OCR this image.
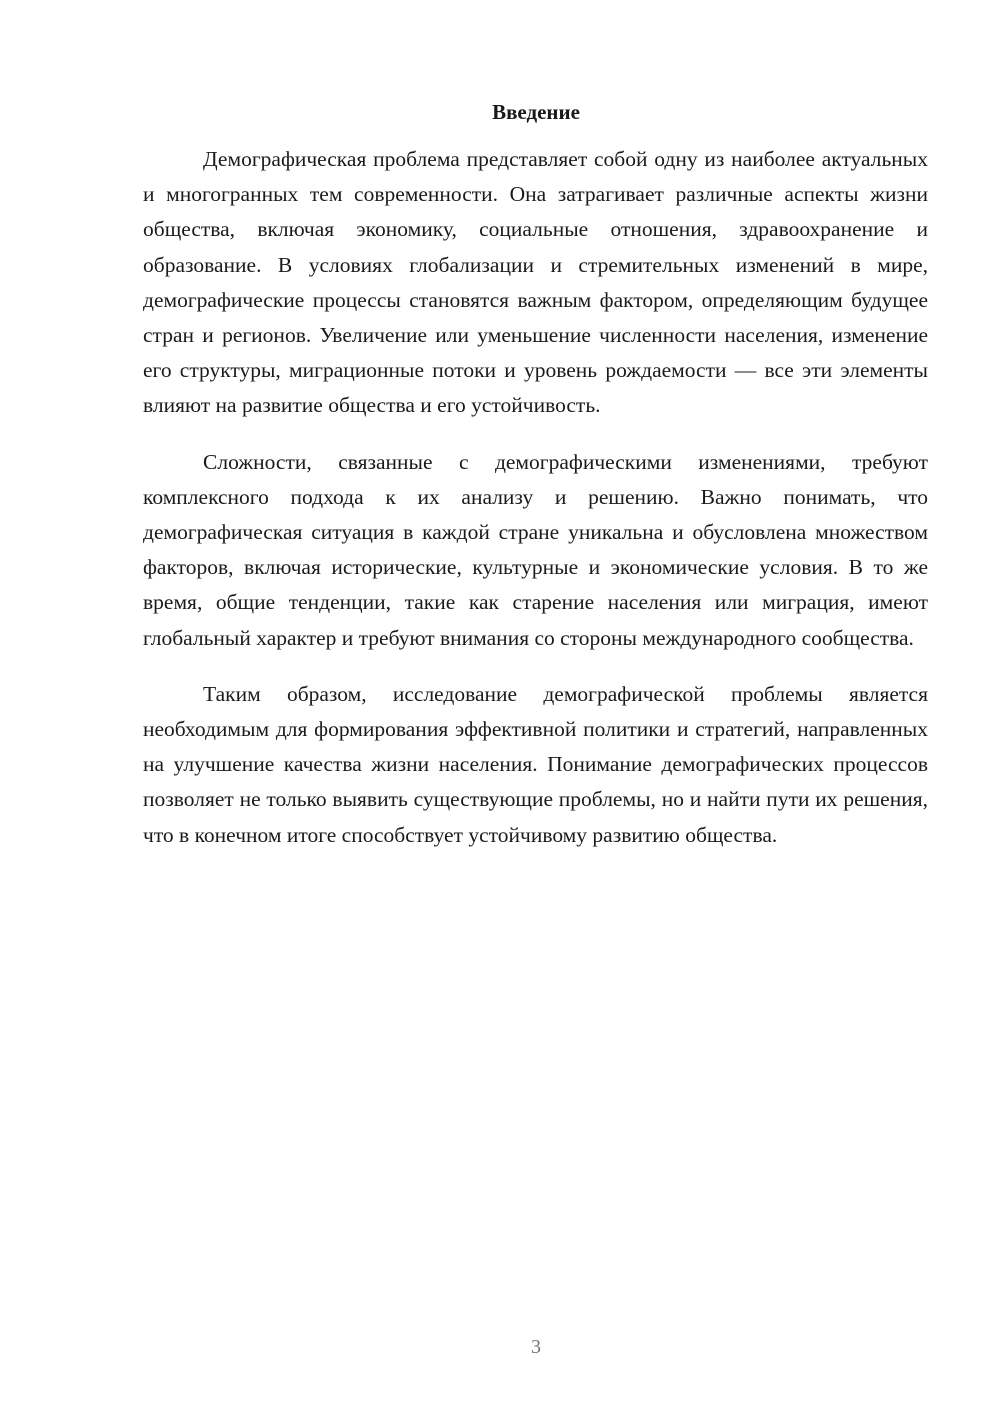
Введение

Демографическая проблема представляет собой одну из наиболее актуальных и многогранных тем современности. Она затрагивает различные аспекты жизни общества, включая экономику, социальные отношения, здравоохранение и образование. В условиях глобализации и стремительных изменений в мире, демографические процессы становятся важным фактором, определяющим будущее стран и регионов. Увеличение или уменьшение численности населения, изменение его структуры, миграционные потоки и уровень рождаемости — все эти элементы влияют на развитие общества и его устойчивость.

Сложности, связанные с демографическими изменениями, требуют комплексного подхода к их анализу и решению. Важно понимать, что демографическая ситуация в каждой стране уникальна и обусловлена множеством факторов, включая исторические, культурные и экономические условия. В то же время, общие тенденции, такие как старение населения или миграция, имеют глобальный характер и требуют внимания со стороны международного сообщества.

Таким образом, исследование демографической проблемы является необходимым для формирования эффективной политики и стратегий, направленных на улучшение качества жизни населения. Понимание демографических процессов позволяет не только выявить существующие проблемы, но и найти пути их решения, что в конечном итоге способствует устойчивому развитию общества.

3
